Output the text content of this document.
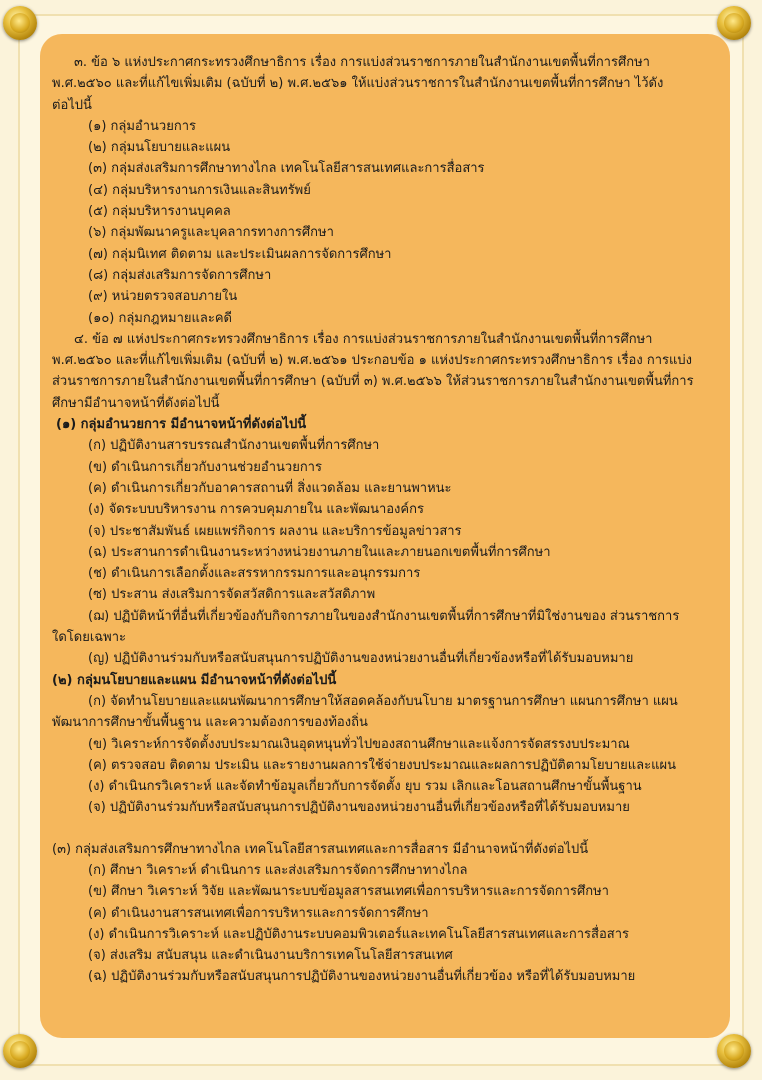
๓. ข้อ ๖ แห่งประกาศกระทรวงศึกษาธิการ เรื่อง การแบ่งส่วนราชการภายในสำนักงานเขตพื้นที่การศึกษา

พ.ศ.๒๕๖๐ และที่แก้ไขเพิ่มเติม (ฉบับที่ ๒) พ.ศ.๒๕๖๑ ให้แบ่งส่วนราชการในสำนักงานเขตพื้นที่การศึกษา ไว้ดัง

ต่อไปนี้

(๑) กลุ่มอำนวยการ

(๒) กลุ่มนโยบายและแผน

(๓) กลุ่มส่งเสริมการศึกษาทางไกล เทคโนโลยีสารสนเทศและการสื่อสาร

(๔) กลุ่มบริหารงานการเงินและสินทรัพย์

(๕) กลุ่มบริหารงานบุคคล

(๖) กลุ่มพัฒนาครูและบุคลากรทางการศึกษา

(๗) กลุ่มนิเทศ ติดตาม และประเมินผลการจัดการศึกษา

(๘) กลุ่มส่งเสริมการจัดการศึกษา

(๙) หน่วยตรวจสอบภายใน

(๑๐) กลุ่มกฎหมายและคดี

๔. ข้อ ๗ แห่งประกาศกระทรวงศึกษาธิการ เรื่อง การแบ่งส่วนราชการภายในสำนักงานเขตพื้นที่การศึกษา

พ.ศ.๒๕๖๐ และที่แก้ไขเพิ่มเติม (ฉบับที่ ๒) พ.ศ.๒๕๖๑ ประกอบข้อ ๑ แห่งประกาศกระทรวงศึกษาธิการ เรื่อง การแบ่ง

ส่วนราชการภายในสำนักงานเขตพื้นที่การศึกษา (ฉบับที่ ๓) พ.ศ.๒๕๖๖ ให้ส่วนราชการภายในสำนักงานเขตพื้นที่การ

ศึกษามีอำนาจหน้าที่ดังต่อไปนี้

(๑) กลุ่มอำนวยการ มีอำนาจหน้าที่ดังต่อไปนี้

(ก) ปฏิบัติงานสารบรรณสำนักงานเขตพื้นที่การศึกษา

(ข) ดำเนินการเกี่ยวกับงานช่วยอำนวยการ

(ค) ดำเนินการเกี่ยวกับอาคารสถานที่ สิ่งแวดล้อม และยานพาหนะ

(ง) จัดระบบบริหารงาน การควบคุมภายใน และพัฒนาองค์กร

(จ) ประชาสัมพันธ์ เผยแพร่กิจการ ผลงาน และบริการข้อมูลข่าวสาร

(ฉ) ประสานการดำเนินงานระหว่างหน่วยงานภายในและภายนอกเขตพื้นที่การศึกษา

(ช) ดำเนินการเลือกตั้งและสรรหากรรมการและอนุกรรมการ

(ซ) ประสาน ส่งเสริมการจัดสวัสดิการและสวัสดิภาพ

(ฌ) ปฏิบัติหน้าที่อื่นที่เกี่ยวข้องกับกิจการภายในของสำนักงานเขตพื้นที่การศึกษาที่มิใช่งานของ ส่วนราชการ

ใดโดยเฉพาะ

(ญ) ปฏิบัติงานร่วมกับหรือสนับสนุนการปฏิบัติงานของหน่วยงานอื่นที่เกี่ยวข้องหรือที่ได้รับมอบหมาย

(๒) กลุ่มนโยบายและแผน มีอำนาจหน้าที่ดังต่อไปนี้

(ก) จัดทำนโยบายและแผนพัฒนาการศึกษาให้สอดคล้องกับนโบาย มาตรฐานการศึกษา แผนการศึกษา แผน

พัฒนาการศึกษาขั้นพื้นฐาน และความต้องการของท้องถิ่น

(ข) วิเคราะห์การจัดตั้งงบประมาณเงินอุดหนุนทั่วไปของสถานศึกษาและแจ้งการจัดสรรงบประมาณ

(ค) ตรวจสอบ ติดตาม ประเมิน และรายงานผลการใช้จ่ายงบประมาณและผลการปฏิบัติตามโยบายและแผน

(ง) ดำเนินกรวิเคราะห์ และจัดทำข้อมูลเกี่ยวกับการจัดตั้ง ยุบ รวม เลิกและโอนสถานศึกษาขั้นพื้นฐาน

(จ) ปฏิบัติงานร่วมกับหรือสนับสนุนการปฏิบัติงานของหน่วยงานอื่นที่เกี่ยวข้องหรือที่ได้รับมอบหมาย

(๓) กลุ่มส่งเสริมการศึกษาทางไกล เทคโนโลยีสารสนเทศและการสื่อสาร มีอำนาจหน้าที่ดังต่อไปนี้

(ก) ศึกษา วิเคราะห์ ดำเนินการ และส่งเสริมการจัดการศึกษาทางไกล

(ข) ศึกษา วิเคราะห์ วิจัย และพัฒนาระบบข้อมูลสารสนเทศเพื่อการบริหารและการจัดการศึกษา

(ค) ดำเนินงานสารสนเทศเพื่อการบริหารและการจัดการศึกษา

(ง) ดำเนินการวิเคราะห์ และปฏิบัติงานระบบคอมพิวเตอร์และเทคโนโลยีสารสนเทศและการสื่อสาร

(จ) ส่งเสริม สนับสนุน และดำเนินงานบริการเทคโนโลยีสารสนเทศ

(ฉ) ปฏิบัติงานร่วมกับหรือสนับสนุนการปฏิบัติงานของหน่วยงานอื่นที่เกี่ยวข้อง หรือที่ได้รับมอบหมาย
